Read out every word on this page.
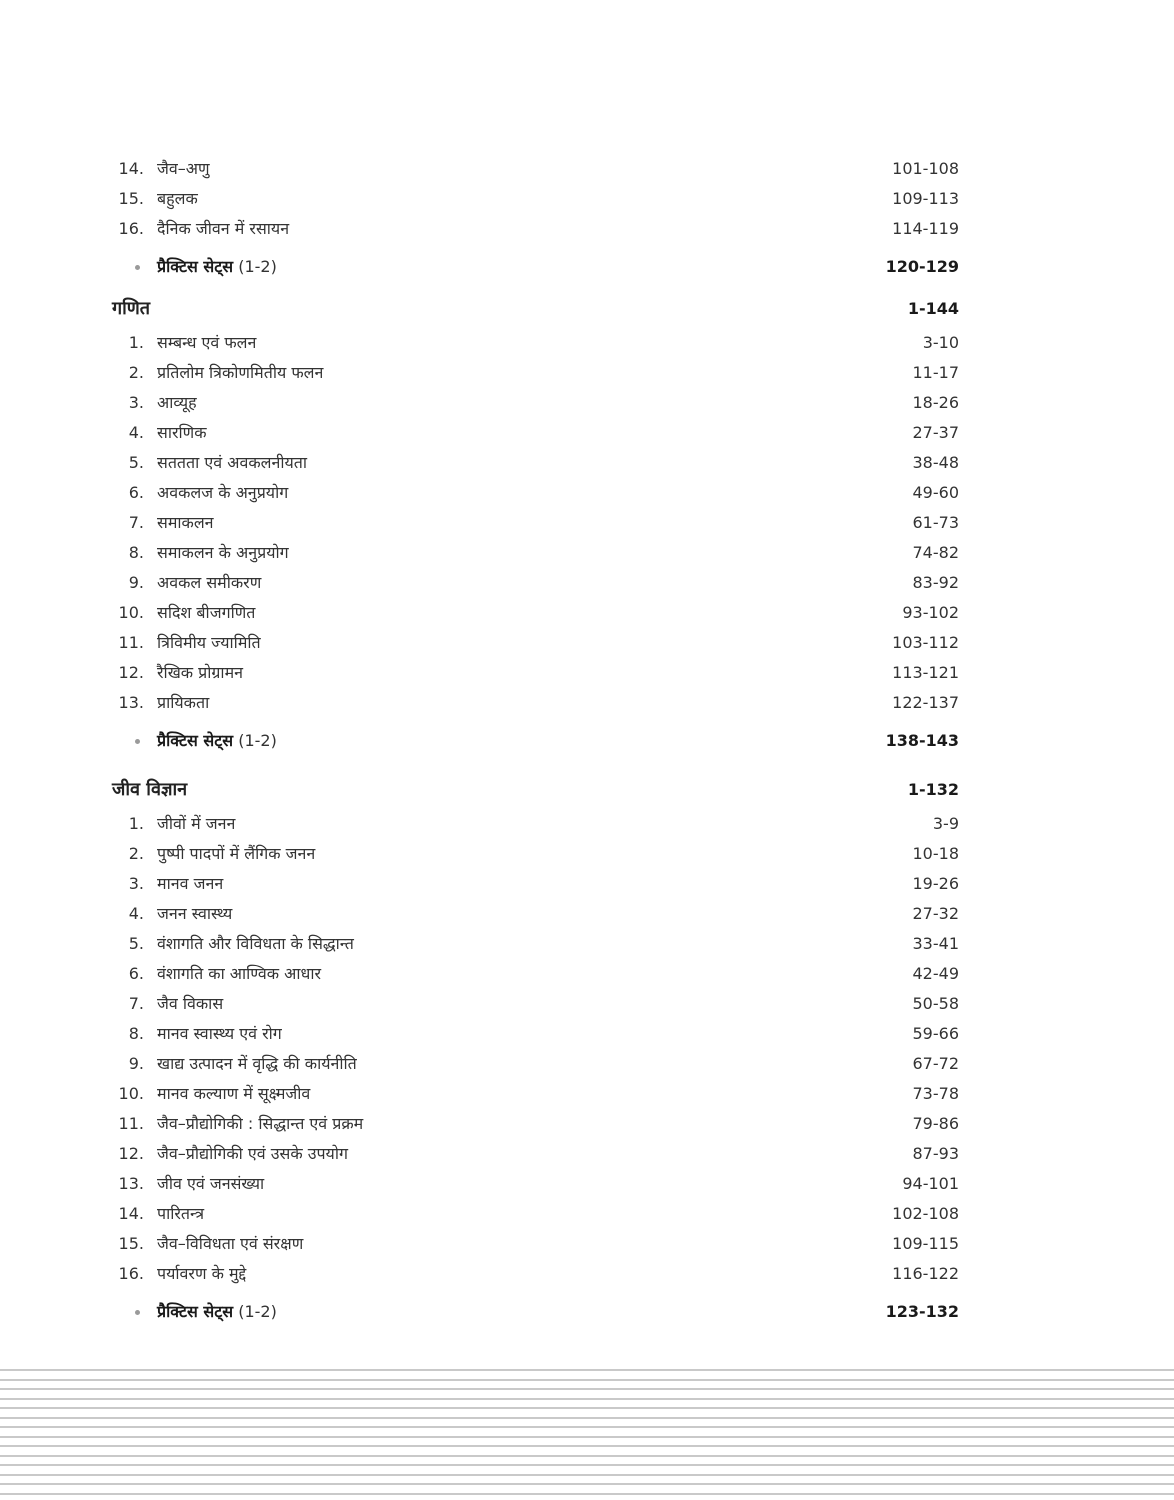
14. जैव–अणु	101-108
15. बहुलक	109-113
16. दैनिक जीवन में रसायन	114-119
प्रैक्टिस सेट्स (1-2)	120-129
गणित	1-144
1. सम्बन्ध एवं फलन	3-10
2. प्रतिलोम त्रिकोणमितीय फलन	11-17
3. आव्यूह	18-26
4. सारणिक	27-37
5. सततता एवं अवकलनीयता	38-48
6. अवकलज के अनुप्रयोग	49-60
7. समाकलन	61-73
8. समाकलन के अनुप्रयोग	74-82
9. अवकल समीकरण	83-92
10. सदिश बीजगणित	93-102
11. त्रिविमीय ज्यामिति	103-112
12. रैखिक प्रोग्रामन	113-121
13. प्रायिकता	122-137
प्रैक्टिस सेट्स (1-2)	138-143
जीव विज्ञान	1-132
1. जीवों में जनन	3-9
2. पुष्पी पादपों में लैंगिक जनन	10-18
3. मानव जनन	19-26
4. जनन स्वास्थ्य	27-32
5. वंशागति और विविधता के सिद्धान्त	33-41
6. वंशागति का आण्विक आधार	42-49
7. जैव विकास	50-58
8. मानव स्वास्थ्य एवं रोग	59-66
9. खाद्य उत्पादन में वृद्धि की कार्यनीति	67-72
10. मानव कल्याण में सूक्ष्मजीव	73-78
11. जैव–प्रौद्योगिकी : सिद्धान्त एवं प्रक्रम	79-86
12. जैव–प्रौद्योगिकी एवं उसके उपयोग	87-93
13. जीव एवं जनसंख्या	94-101
14. पारितन्त्र	102-108
15. जैव–विविधता एवं संरक्षण	109-115
16. पर्यावरण के मुद्दे	116-122
प्रैक्टिस सेट्स (1-2)	123-132
